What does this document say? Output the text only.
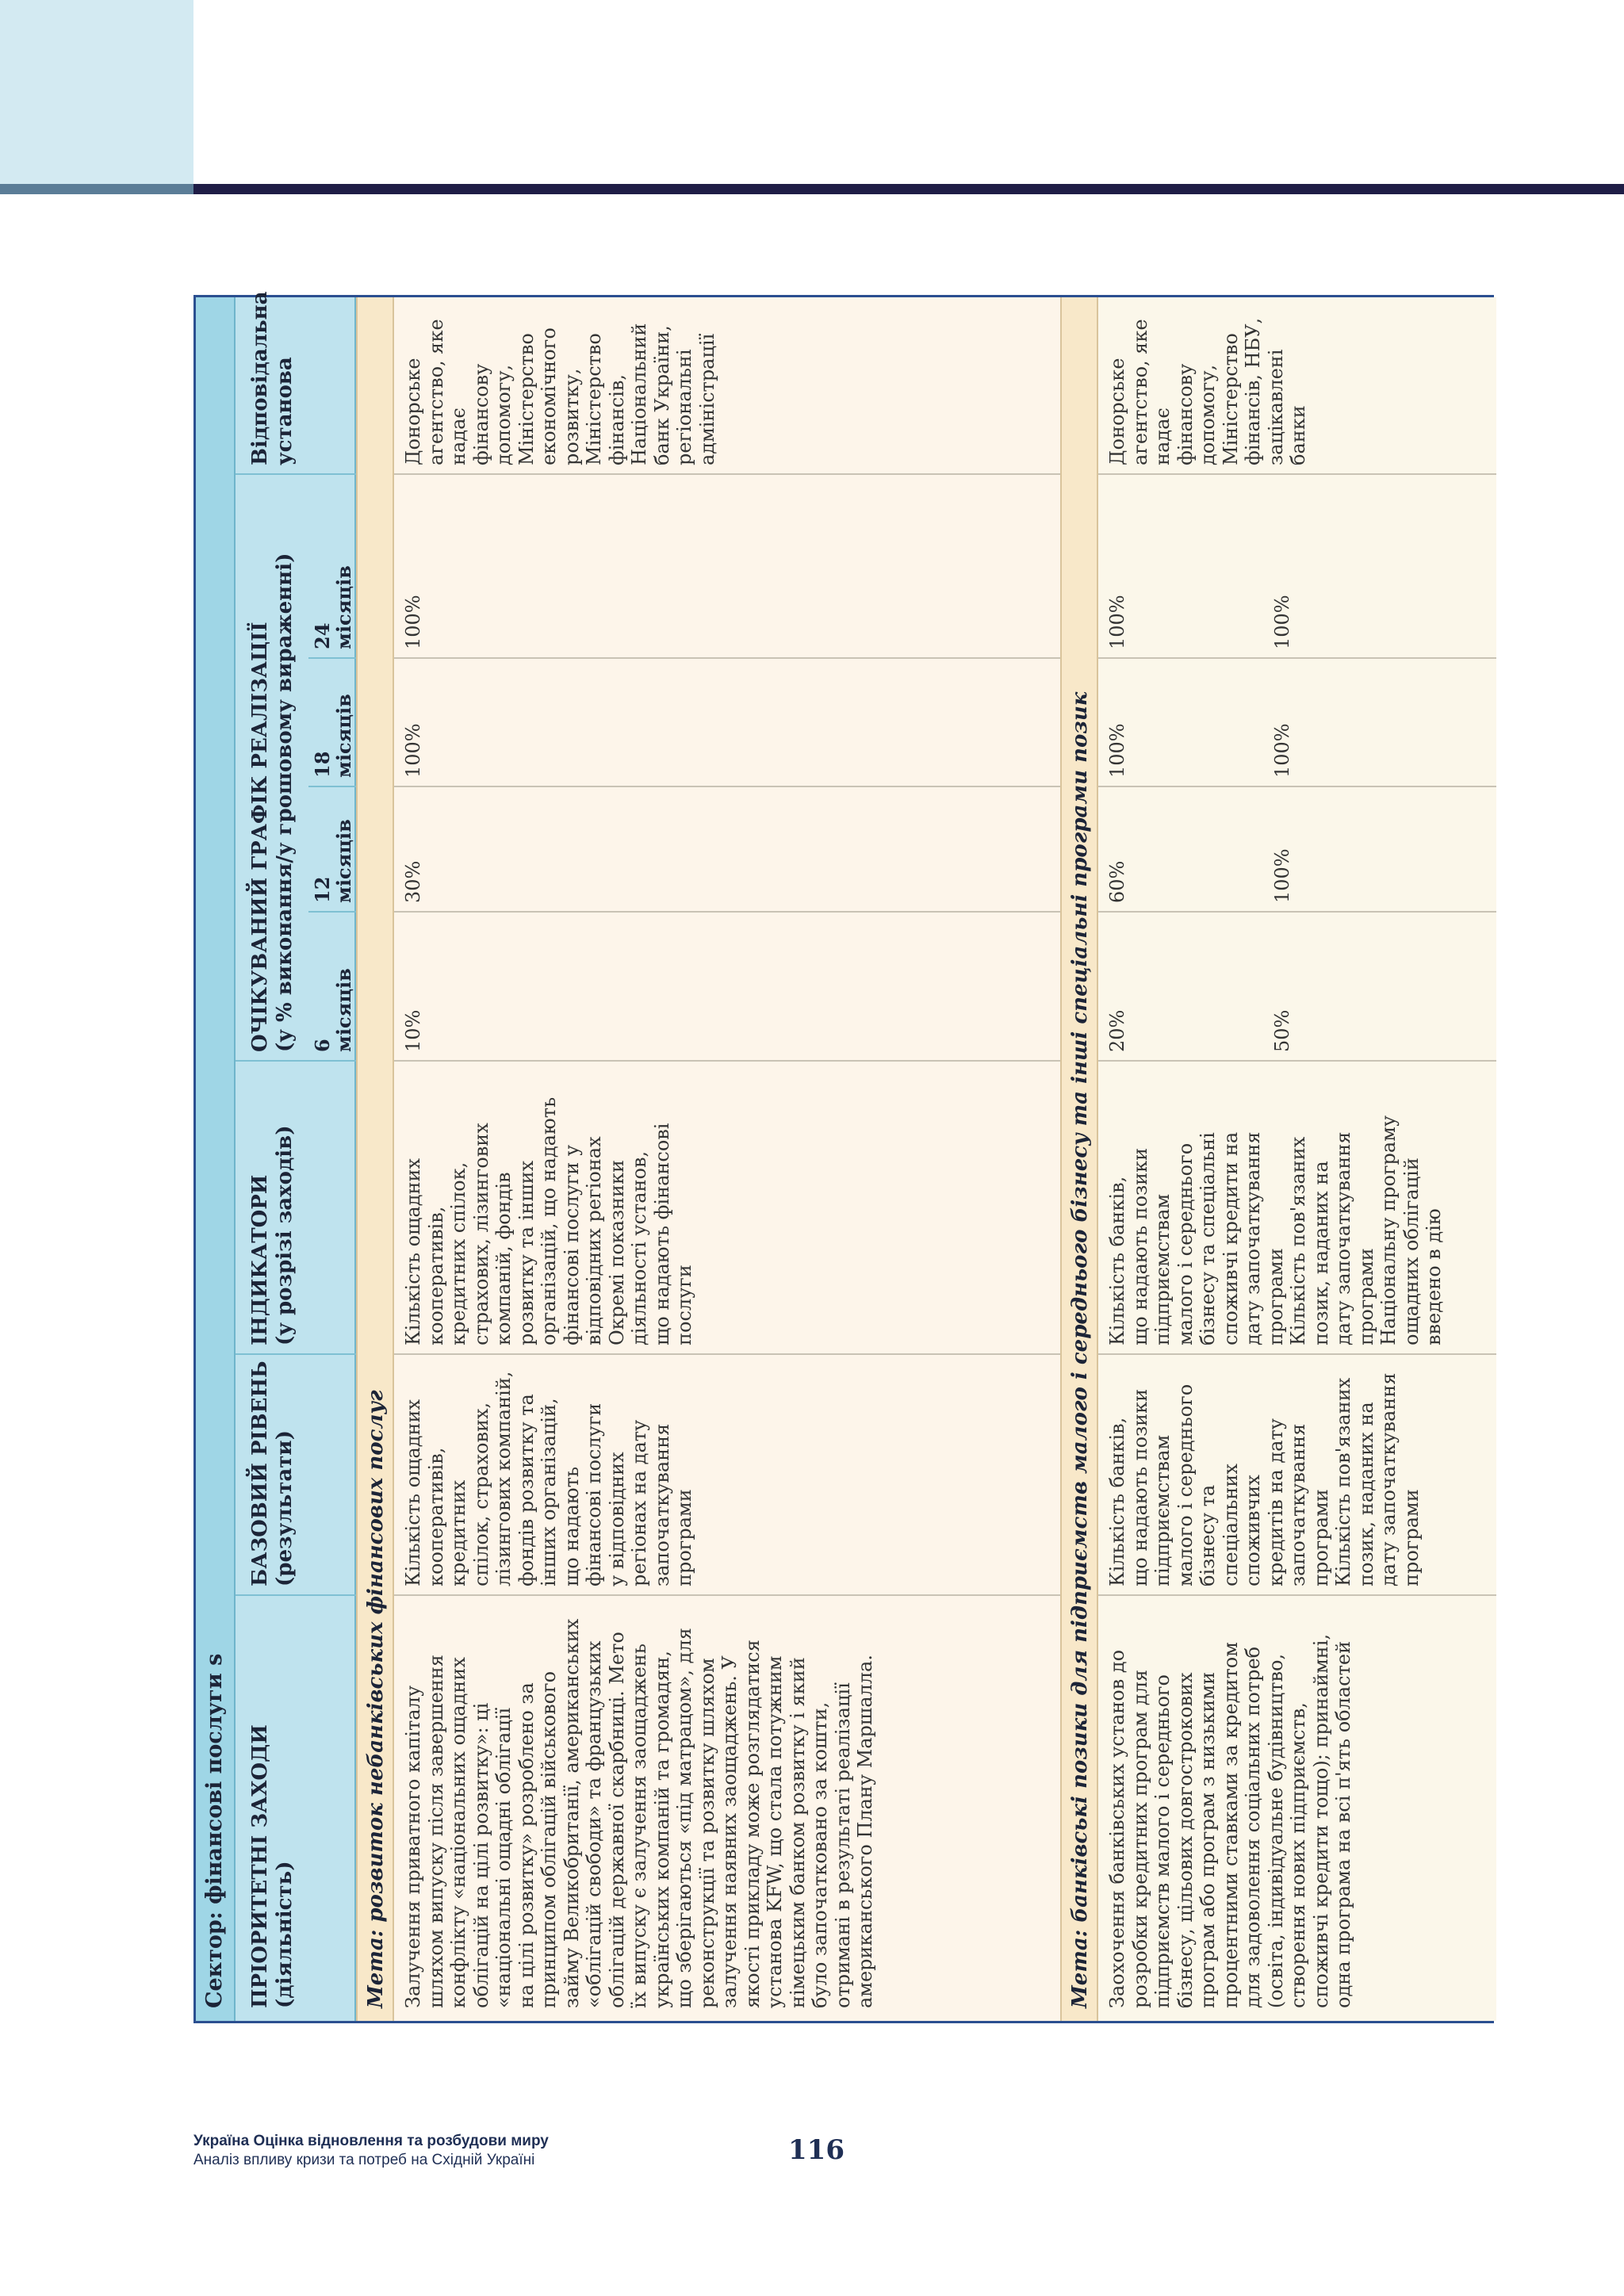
Сектор: фінансові послуги s ПРІОРИТЕТНІ ЗАХОДИ
(діяльність)
БАЗОВИЙ РІВЕНЬ
(результати)
ІНДИКАТОРИ
(у розрізі заходів)
ОЧІКУВАНИЙ ГРАФІК РЕАЛІЗАЦІЇ
(у % виконання/у грошовому вираженні)
Відповідальна
установа
6
місяців
12
місяців
18
місяців
24
місяців
Мета: розвиток небанківських фінансових послуг Залучення приватного капіталу
шляхом випуску після завершення
конфлікту «національних ощадних
облігацій на цілі розвитку»: ці
«національні ощадні облігації
на цілі розвитку» розроблено за
принципом облігацій військового
займу Великобританії, американських
«облігацій свободи» та французьких
облігацій державної скарбниці. Мето
їх випуску є залучення заощаджень
українських компаній та громадян,
що зберігаються «під матрацом», для
реконструкції та розвитку шляхом
залучення наявних заощаджень. У
якості прикладу може розглядатися
установа KFW, що стала потужним
німецьким банком розвитку і який
було започатковано за кошти,
отримані в результаті реалізації
американського Плану Маршалла.
Кількість ощадних
кооперативів,
кредитних
спілок, страхових,
лізингових компаній,
фондів розвитку та
інших організацій,
що надають
фінансові послуги
у відповідних
регіонах на дату
започаткування
програми
Кількість ощадних
кооперативів,
кредитних спілок,
страхових, лізингових
компаній, фондів
розвитку та інших
організацій, що надають
фінансові послуги у
відповідних регіонах
Окремі показники
діяльності установ,
що надають фінансові
послуги
10%
30%
100%
100%
Донорське
агентство, яке
надає фінансову
допомогу,
Міністерство
економічного
розвитку,
Міністерство
фінансів,
Національний
банк України,
регіональні
адміністрації
Мета: банківські позики для підприємств малого і середнього бізнесу та інші спеціальні програми позик Заохочення банківських установ до
розробки кредитних програм для
підприємств малого і середнього
бізнесу, цільових довгострокових
програм або програм з низькими
процентними ставками за кредитом
для задоволення соціальних потреб
(освіта, індивідуальне будівництво,
створення нових підприємств,
споживчі кредити тощо); принаймні,
одна програма на всі п'ять областей
Кількість банків,
що надають позики
підприємствам
малого і середнього
бізнесу та
спеціальних
споживчих
кредитів на дату
започаткування
програми
Кількість пов'язаних
позик, наданих на
дату започаткування
програми
Кількість банків,
що надають позики
підприємствам
малого і середнього
бізнесу та спеціальні
споживчі кредити на
дату започаткування
програми
Кількість пов'язаних
позик, наданих на
дату започаткування
програми
Національну програму
ощадних облігацій
введено в дію
20%
60%
100%
100%
50%
100%
100%
100%
Донорське
агентство, яке
надає фінансову
допомогу,
Міністерство
фінансів, НБУ,
зацікавлені банки
Україна Оцінка відновлення та розбудови миру
Аналіз впливу кризи та потреб на Східній Україні	116
